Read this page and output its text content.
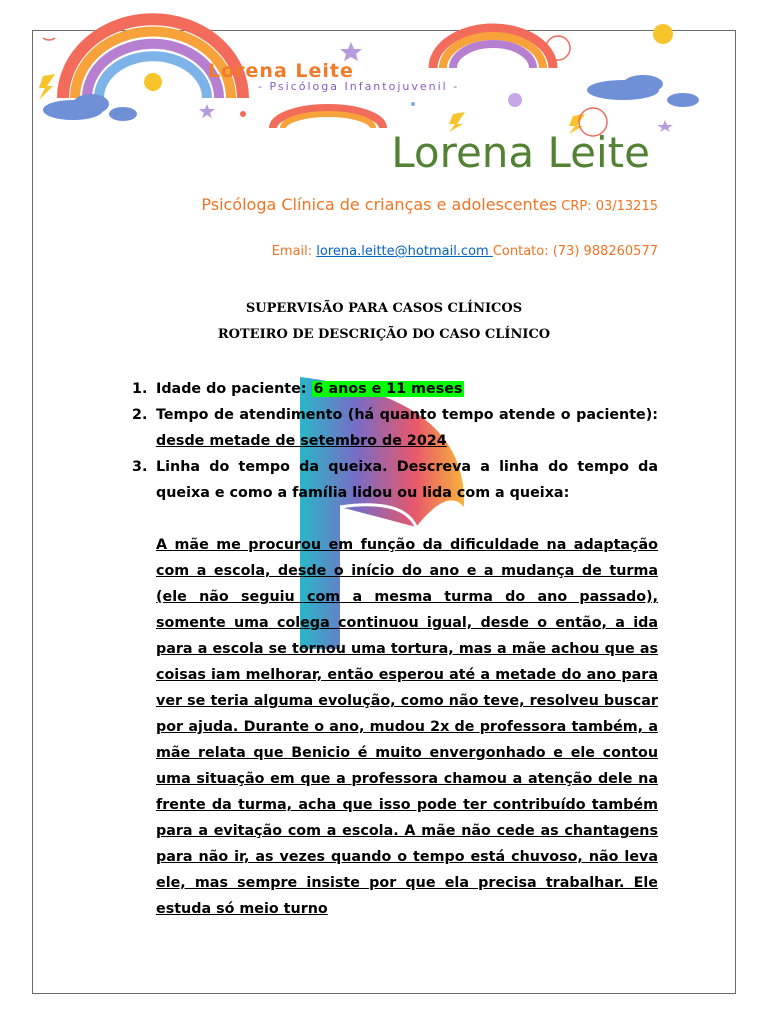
Lorena Leite
- Psicóloga Infantojuvenil -
Lorena Leite
Psicóloga Clínica de crianças e adolescentes CRP: 03/13215
Email: lorena.leitte@hotmail.com Contato: (73) 988260577
SUPERVISÃO PARA CASOS CLÍNICOS
ROTEIRO DE DESCRIÇÃO DO CASO CLÍNICO
1. Idade do paciente: 6 anos e 11 meses
2. Tempo de atendimento (há quanto tempo atende o paciente): desde metade de setembro de 2024
3. Linha do tempo da queixa. Descreva a linha do tempo da queixa e como a família lidou ou lida com a queixa:
A mãe me procurou em função da dificuldade na adaptação com a escola, desde o início do ano e a mudança de turma (ele não seguiu com a mesma turma do ano passado), somente uma colega continuou igual, desde o então, a ida para a escola se tornou uma tortura, mas a mãe achou que as coisas iam melhorar, então esperou até a metade do ano para ver se teria alguma evolução, como não teve, resolveu buscar por ajuda. Durante o ano, mudou 2x de professora também, a mãe relata que Benicio é muito envergonhado e ele contou uma situação em que a professora chamou a atenção dele na frente da turma, acha que isso pode ter contribuído também para a evitação com a escola. A mãe não cede as chantagens para não ir, as vezes quando o tempo está chuvoso, não leva ele, mas sempre insiste por que ela precisa trabalhar. Ele estuda só meio turno
